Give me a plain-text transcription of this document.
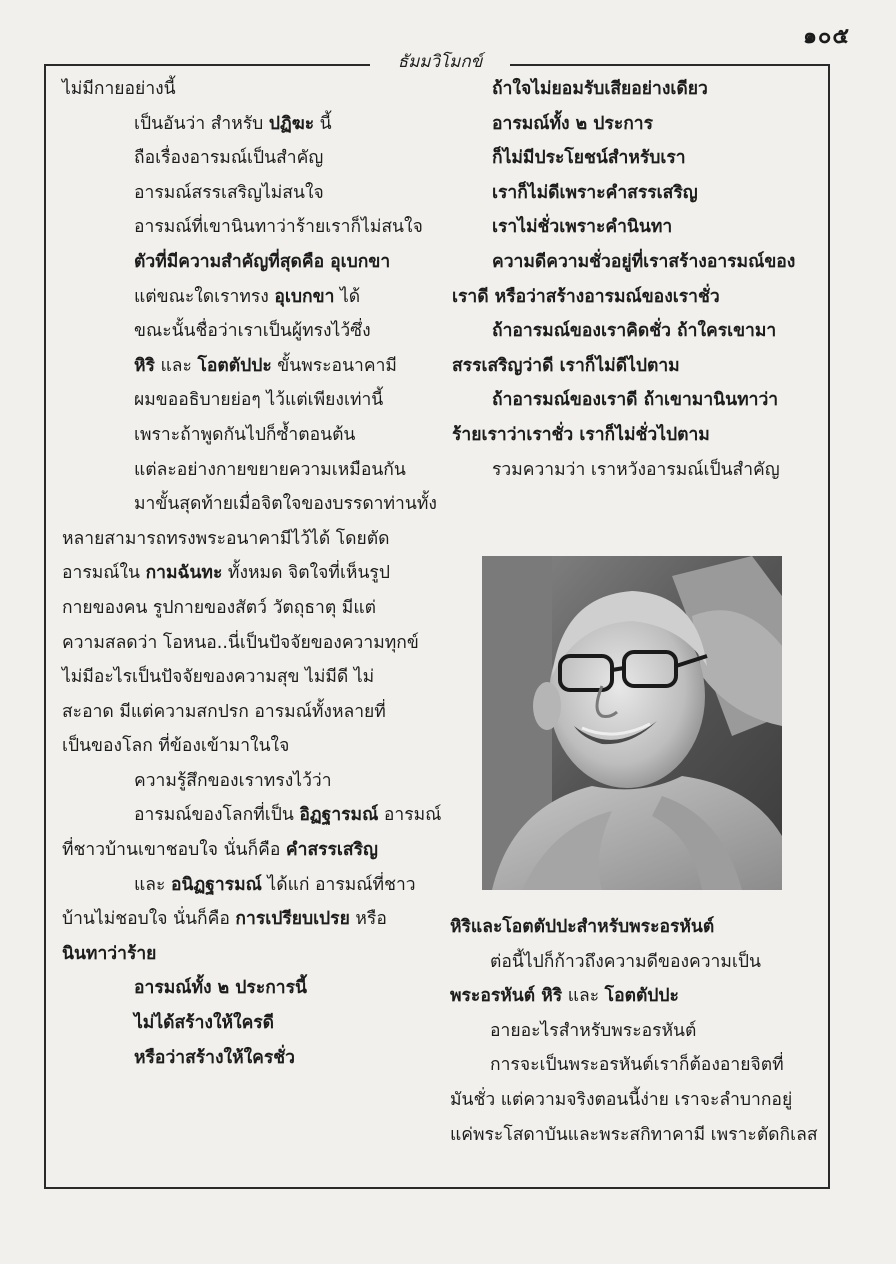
๑๐๕
ธัมมวิโมกข์
ไม่มีกายอย่างนี้
เป็นอันว่า สำหรับ ปฏิฆะ นี้
ถือเรื่องอารมณ์เป็นสำคัญ
อารมณ์สรรเสริญไม่สนใจ
อารมณ์ที่เขานินทาว่าร้ายเราก็ไม่สนใจ
ตัวที่มีความสำคัญที่สุดคือ อุเบกขา
แต่ขณะใดเราทรง อุเบกขา ได้
ขณะนั้นชื่อว่าเราเป็นผู้ทรงไว้ซึ่ง
หิริ และ โอตตัปปะ ขั้นพระอนาคามี
ผมขออธิบายย่อๆ ไว้แต่เพียงเท่านี้
เพราะถ้าพูดกันไปก็ซ้ำตอนต้น
แต่ละอย่างกายขยายความเหมือนกัน
มาขั้นสุดท้ายเมื่อจิตใจของบรรดาท่านทั้ง
หลายสามารถทรงพระอนาคามีไว้ได้ โดยตัด
อารมณ์ใน กามฉันทะ ทั้งหมด จิตใจที่เห็นรูป
กายของคน รูปกายของสัตว์ วัตถุธาตุ มีแต่
ความสลดว่า โอหนอ..นี่เป็นปัจจัยของความทุกข์
ไม่มีอะไรเป็นปัจจัยของความสุข ไม่มีดี ไม่
สะอาด มีแต่ความสกปรก อารมณ์ทั้งหลายที่
เป็นของโลก ที่ข้องเข้ามาในใจ
ความรู้สึกของเราทรงไว้ว่า
อารมณ์ของโลกที่เป็น อิฏฐารมณ์ อารมณ์
ที่ชาวบ้านเขาชอบใจ นั่นก็คือ คำสรรเสริญ
และ อนิฏฐารมณ์ ได้แก่ อารมณ์ที่ชาว
บ้านไม่ชอบใจ นั่นก็คือ การเปรียบเปรย หรือ
นินทาว่าร้าย
อารมณ์ทั้ง ๒ ประการนี้
ไม่ได้สร้างให้ใครดี
หรือว่าสร้างให้ใครชั่ว
ถ้าใจไม่ยอมรับเสียอย่างเดียว
อารมณ์ทั้ง ๒ ประการ
ก็ไม่มีประโยชน์สำหรับเรา
เราก็ไม่ดีเพราะคำสรรเสริญ
เราไม่ชั่วเพราะคำนินทา
ความดีความชั่วอยู่ที่เราสร้างอารมณ์ของ
เราดี หรือว่าสร้างอารมณ์ของเราชั่ว
ถ้าอารมณ์ของเราคิดชั่ว ถ้าใครเขามา
สรรเสริญว่าดี เราก็ไม่ดีไปตาม
ถ้าอารมณ์ของเราดี ถ้าเขามานินทาว่า
ร้ายเราว่าเราชั่ว เราก็ไม่ชั่วไปตาม
รวมความว่า เราหวังอารมณ์เป็นสำคัญ
หิริและโอตตัปปะสำหรับพระอรหันต์
ต่อนี้ไปก็ก้าวถึงความดีของความเป็น
พระอรหันต์ หิริ และ โอตตัปปะ
อายอะไรสำหรับพระอรหันต์
การจะเป็นพระอรหันต์เราก็ต้องอายจิตที่
มันชั่ว แต่ความจริงตอนนี้ง่าย เราจะลำบากอยู่
แค่พระโสดาบันและพระสกิทาคามี เพราะตัดกิเลส
